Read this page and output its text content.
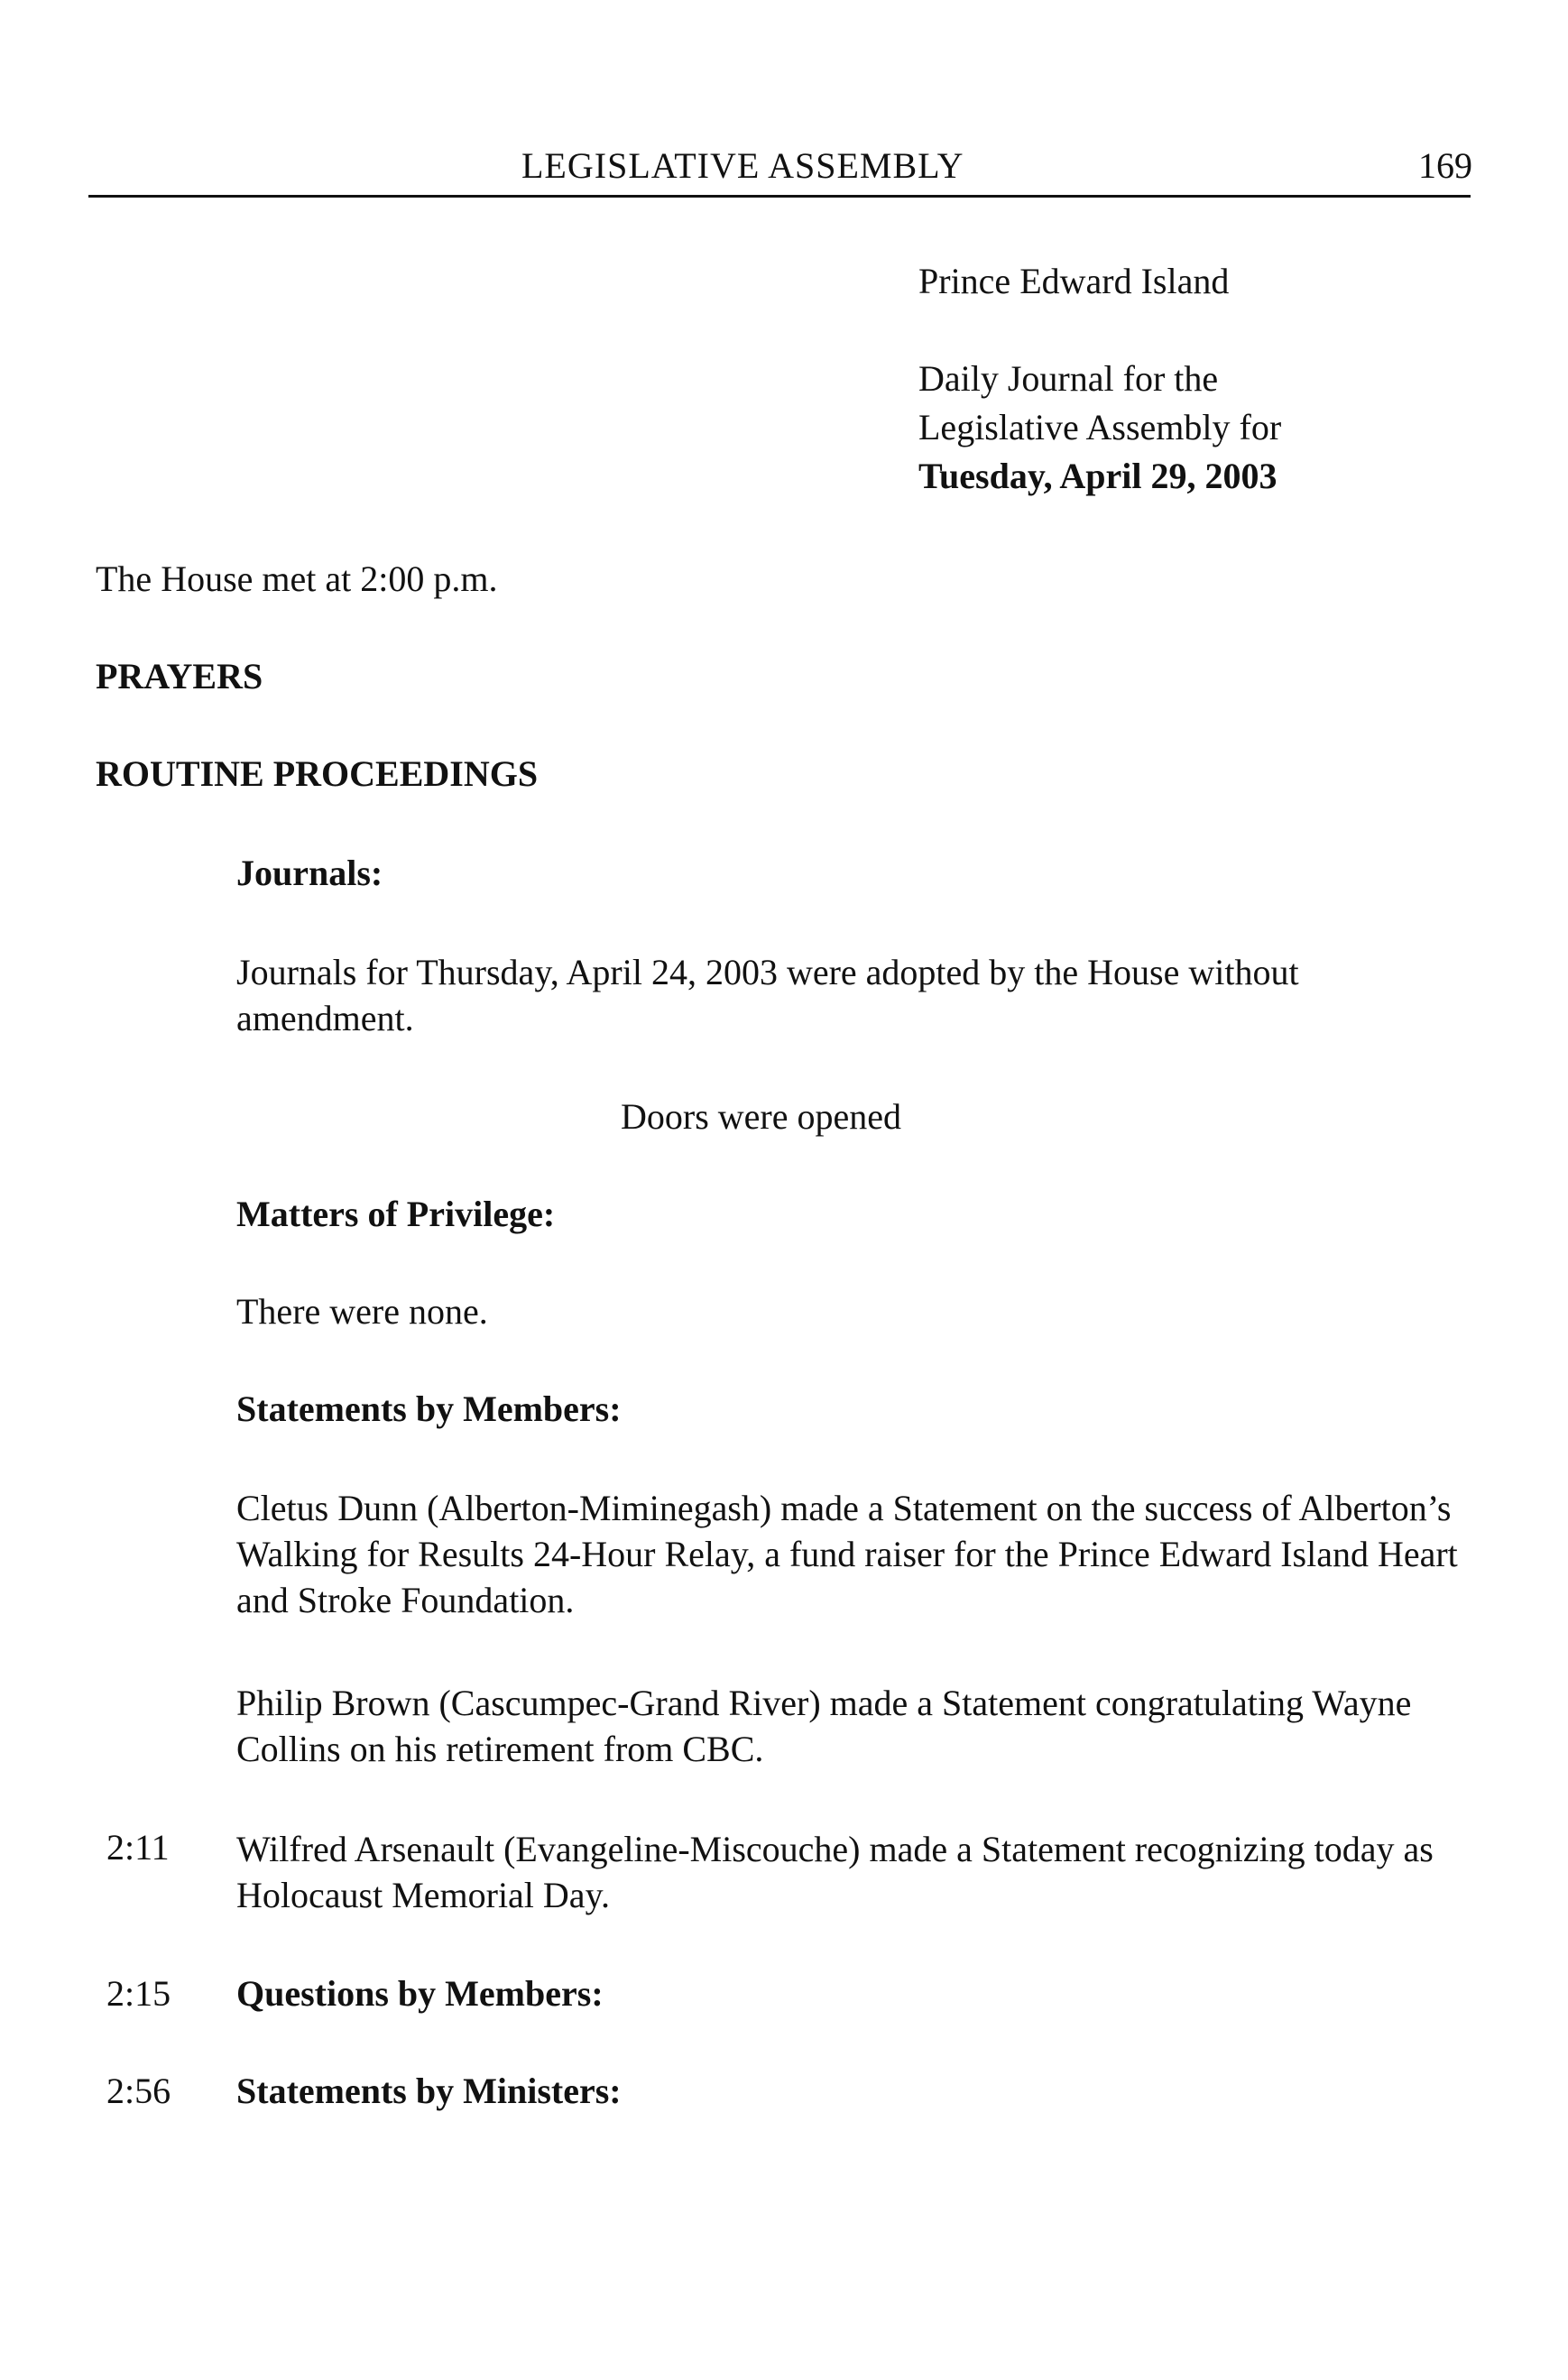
LEGISLATIVE ASSEMBLY	169
Prince Edward Island
Daily Journal for the
Legislative Assembly for
Tuesday, April 29, 2003
The House met at 2:00 p.m.
PRAYERS
ROUTINE PROCEEDINGS
Journals:
Journals for Thursday, April 24, 2003 were adopted by the House without amendment.
Doors were opened
Matters of Privilege:
There were none.
Statements by Members:
Cletus Dunn (Alberton-Miminegash) made a Statement on the success of Alberton’s Walking for Results 24-Hour Relay, a fund raiser for the Prince Edward Island Heart and Stroke Foundation.
Philip Brown (Cascumpec-Grand River) made a Statement congratulating Wayne Collins on his retirement from CBC.
2:11 Wilfred Arsenault (Evangeline-Miscouche) made a Statement recognizing today as Holocaust Memorial Day.
2:15 Questions by Members:
2:56 Statements by Ministers:
